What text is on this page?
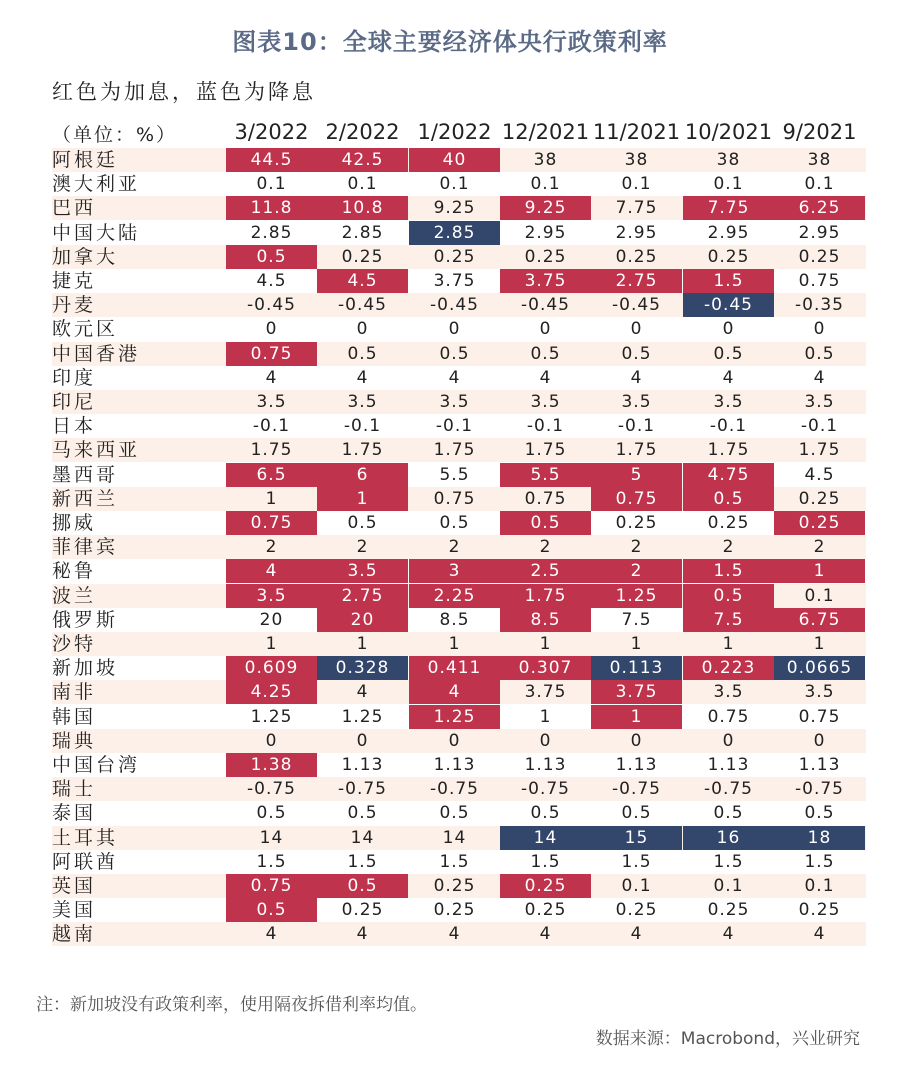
图表10：全球主要经济体央行政策利率
红色为加息，蓝色为降息
（单位：%）	3/2022 2/2022 1/2022 12/2021 11/2021 10/2021 9/2021
阿根廷	44.5	42.5	40	38	38	38	38
澳大利亚	0.1	0.1	0.1	0.1	0.1	0.1	0.1
巴西	11.8	10.8	9.25	9.25	7.75	7.75	6.25
中国大陆	2.85	2.85	2.85	2.95	2.95	2.95	2.95
加拿大	0.5	0.25	0.25	0.25	0.25	0.25	0.25
捷克	4.5	4.5	3.75	3.75	2.75	1.5	0.75
丹麦	-0.45	-0.45	-0.45	-0.45	-0.45	-0.45	-0.35
欧元区	0	0	0	0	0	0	0
中国香港	0.75	0.5	0.5	0.5	0.5	0.5	0.5
印度	4	4	4	4	4	4	4
印尼	3.5	3.5	3.5	3.5	3.5	3.5	3.5
日本	-0.1	-0.1	-0.1	-0.1	-0.1	-0.1	-0.1
马来西亚	1.75	1.75	1.75	1.75	1.75	1.75	1.75
墨西哥	6.5	6	5.5	5.5	5	4.75	4.5
新西兰	1	1	0.75	0.75	0.75	0.5	0.25
挪威	0.75	0.5	0.5	0.5	0.25	0.25	0.25
菲律宾	2	2	2	2	2	2	2
秘鲁	4	3.5	3	2.5	2	1.5	1
波兰	3.5	2.75	2.25	1.75	1.25	0.5	0.1
俄罗斯	20	20	8.5	8.5	7.5	7.5	6.75
沙特	1	1	1	1	1	1	1
新加坡	0.609	0.328	0.411	0.307	0.113	0.223	0.0665
南非	4.25	4	4	3.75	3.75	3.5	3.5
韩国	1.25	1.25	1.25	1	1	0.75	0.75
瑞典	0	0	0	0	0	0	0
中国台湾	1.38	1.13	1.13	1.13	1.13	1.13	1.13
瑞士	-0.75	-0.75	-0.75	-0.75	-0.75	-0.75	-0.75
泰国	0.5	0.5	0.5	0.5	0.5	0.5	0.5
土耳其	14	14	14	14	15	16	18
阿联酋	1.5	1.5	1.5	1.5	1.5	1.5	1.5
英国	0.75	0.5	0.25	0.25	0.1	0.1	0.1
美国	0.5	0.25	0.25	0.25	0.25	0.25	0.25
越南	4	4	4	4	4	4	4
注：新加坡没有政策利率，使用隔夜拆借利率均值。
数据来源：Macrobond，兴业研究
